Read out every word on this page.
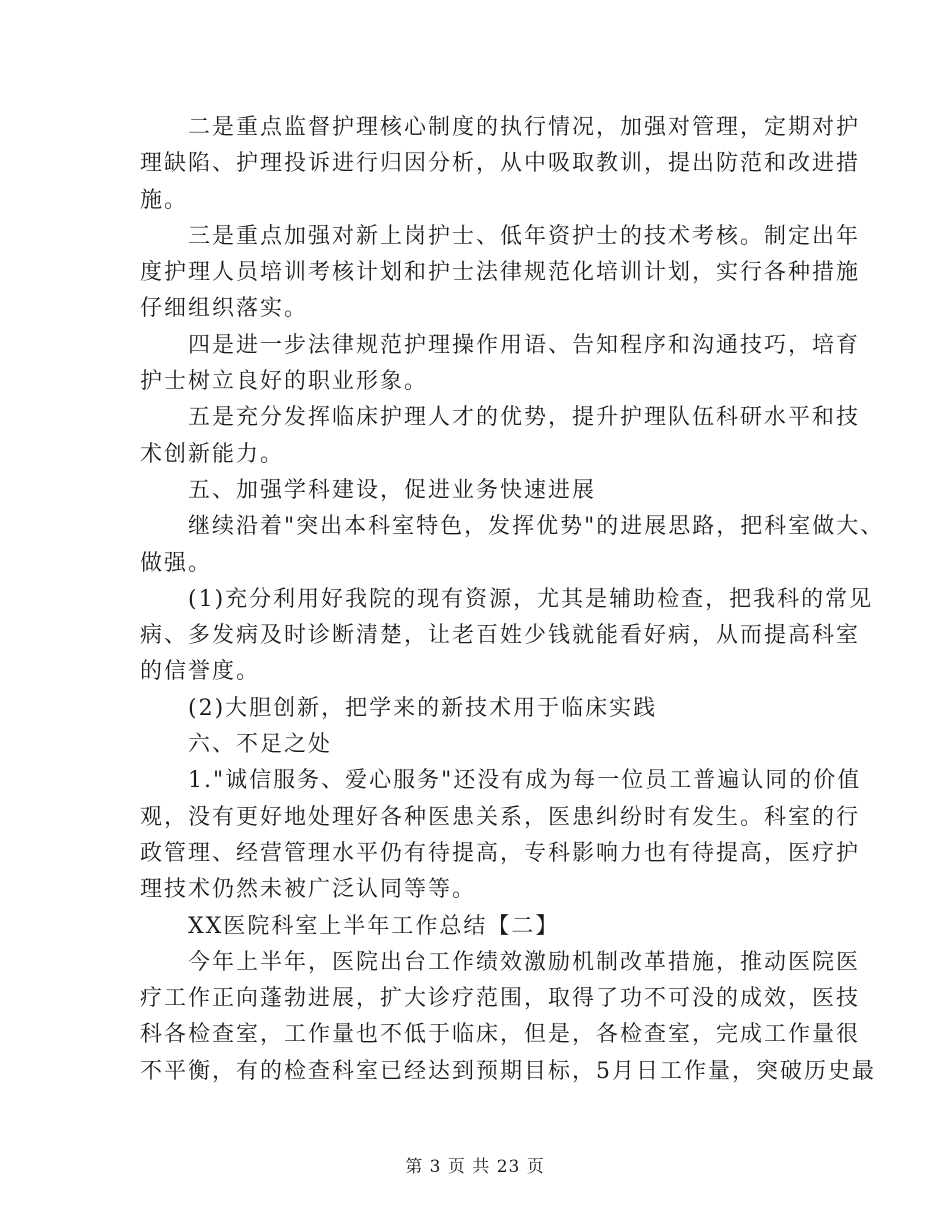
二是重点监督护理核心制度的执行情况，加强对管理，定期对护
理缺陷、护理投诉进行归因分析，从中吸取教训，提出防范和改进措
施。
三是重点加强对新上岗护士、低年资护士的技术考核。制定出年
度护理人员培训考核计划和护士法律规范化培训计划，实行各种措施
仔细组织落实。
四是进一步法律规范护理操作用语、告知程序和沟通技巧，培育
护士树立良好的职业形象。
五是充分发挥临床护理人才的优势，提升护理队伍科研水平和技
术创新能力。
五、加强学科建设，促进业务快速进展
继续沿着"突出本科室特色，发挥优势"的进展思路，把科室做大、
做强。
(1)充分利用好我院的现有资源，尤其是辅助检查，把我科的常见
病、多发病及时诊断清楚，让老百姓少钱就能看好病，从而提高科室
的信誉度。
(2)大胆创新，把学来的新技术用于临床实践
六、不足之处
1."诚信服务、爱心服务"还没有成为每一位员工普遍认同的价值
观，没有更好地处理好各种医患关系，医患纠纷时有发生。科室的行
政管理、经营管理水平仍有待提高，专科影响力也有待提高，医疗护
理技术仍然未被广泛认同等等。
XX医院科室上半年工作总结【二】
今年上半年，医院出台工作绩效激励机制改革措施，推动医院医
疗工作正向蓬勃进展，扩大诊疗范围，取得了功不可没的成效，医技
科各检查室，工作量也不低于临床，但是，各检查室，完成工作量很
不平衡，有的检查科室已经达到预期目标，5月日工作量，突破历史最
第 3 页 共 23 页
